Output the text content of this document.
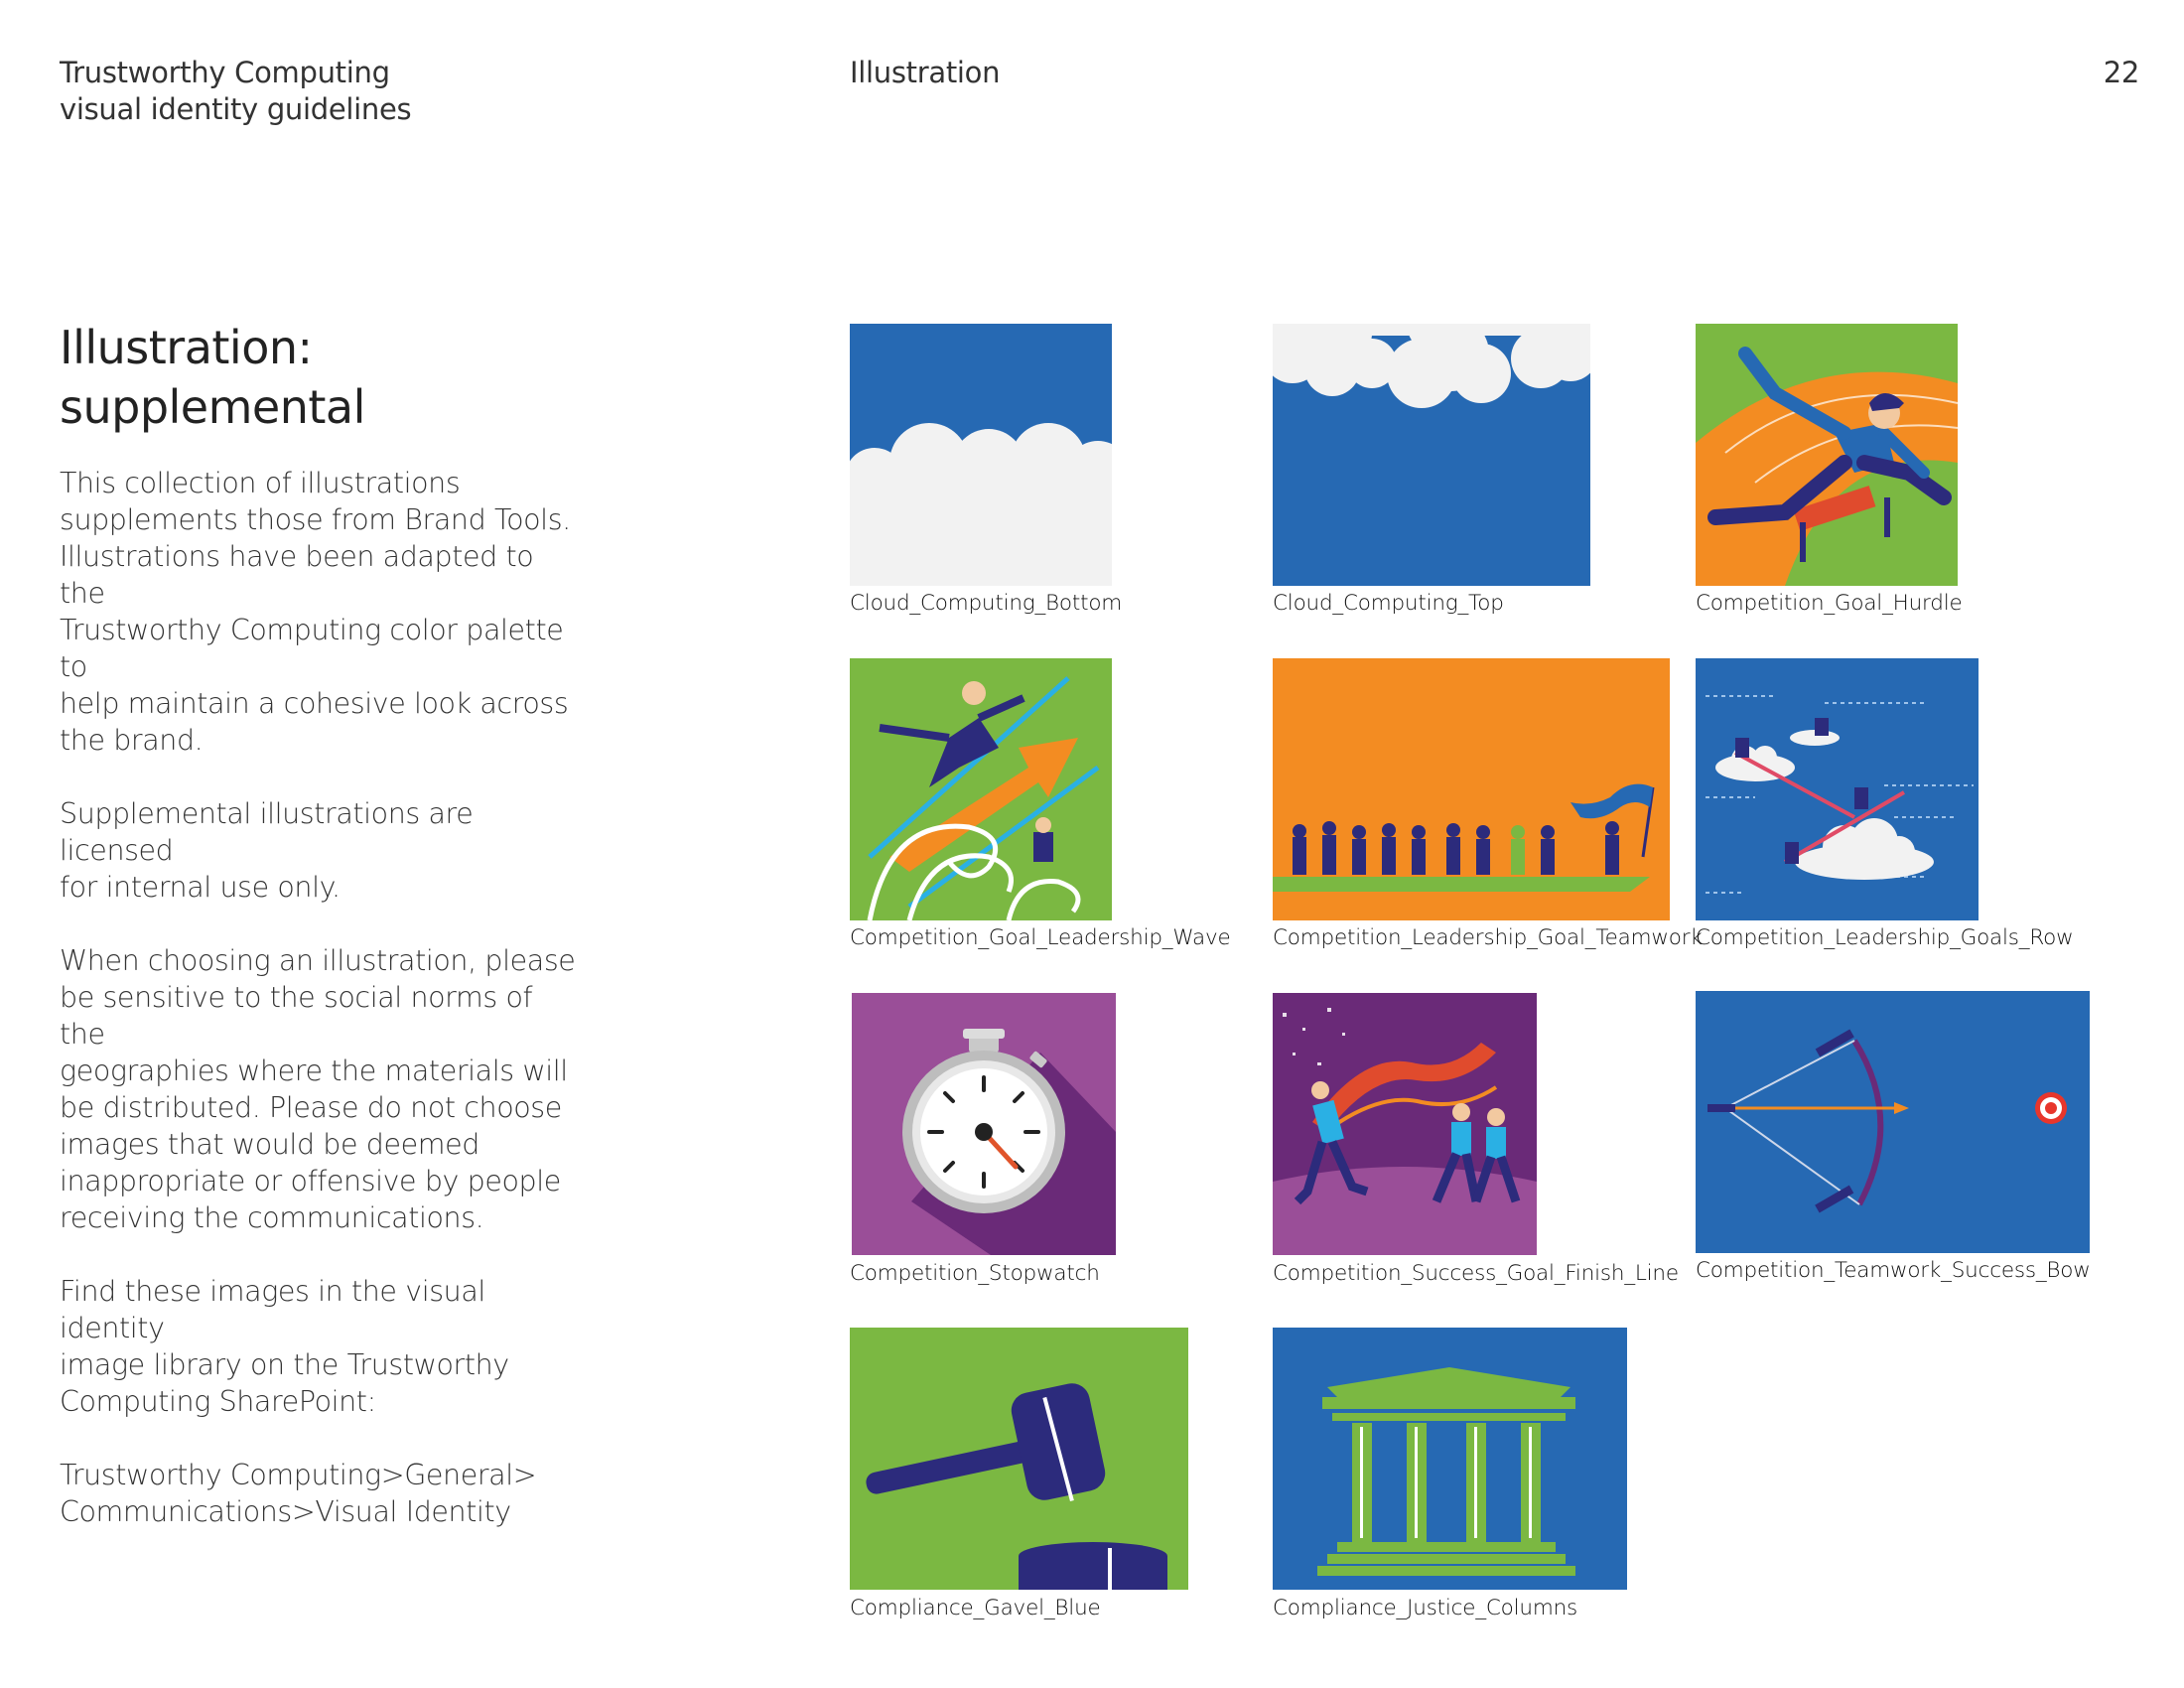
Trustworthy Computing
visual identity guidelines
Illustration	22
Illustration:
supplemental

This collection of illustrations
supplements those from Brand Tools.
Illustrations have been adapted to the
Trustworthy Computing color palette to
help maintain a cohesive look across
the brand.

Supplemental illustrations are licensed
for internal use only.

When choosing an illustration, please
be sensitive to the social norms of the
geographies where the materials will
be distributed. Please do not choose
images that would be deemed
inappropriate or offensive by people
receiving the communications.

Find these images in the visual identity
image library on the Trustworthy
Computing SharePoint:

Trustworthy Computing>General>
Communications>Visual Identity

Cloud_Computing_Bottom	Cloud_Computing_Top	Competition_Goal_Hurdle
Competition_Goal_Leadership_Wave Competition_Leadership_Goal_Teamwork
Competition_Leadership_Goals_Row
Competition_Stopwatch	Competition_Success_Goal_Finish_Line Competition_Teamwork_Success_Bow
Compliance_Gavel_Blue	Compliance_Justice_Columns
